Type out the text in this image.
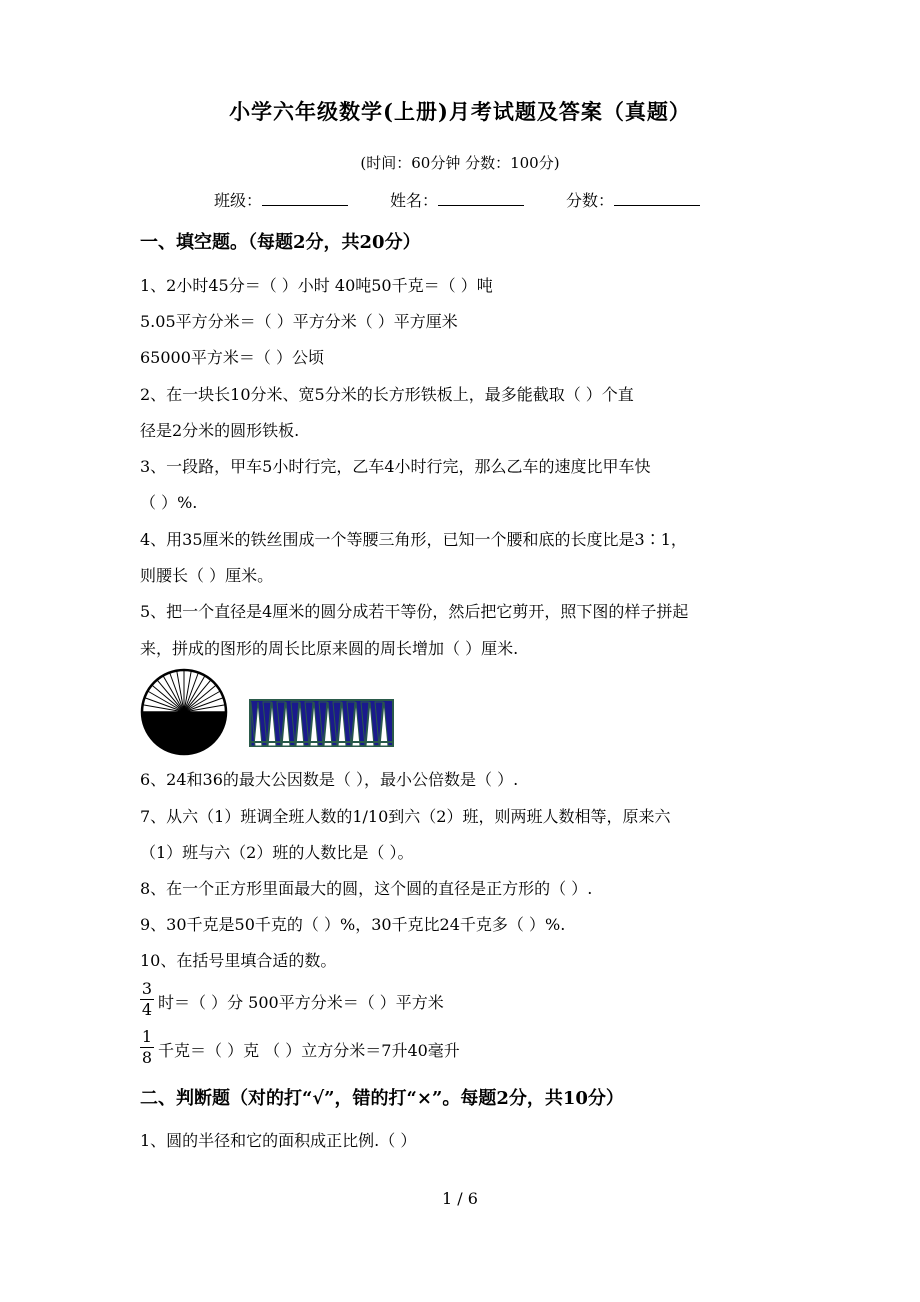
小学六年级数学(上册)月考试题及答案（真题）
(时间：60分钟 分数：100分)
班级：	姓名：	分数：
一、填空题。（每题2分，共20分）
1、2小时45分＝（ ）小时 40吨50千克＝（ ）吨
5.05平方分米＝（ ）平方分米（ ）平方厘米
65000平方米＝（ ）公顷
2、在一块长10分米、宽5分米的长方形铁板上，最多能截取（ ）个直
径是2分米的圆形铁板.
3、一段路，甲车5小时行完，乙车4小时行完，那么乙车的速度比甲车快
（ ）%.
4、用35厘米的铁丝围成一个等腰三角形，已知一个腰和底的长度比是3∶1，
则腰长（ ）厘米。
5、把一个直径是4厘米的圆分成若干等份，然后把它剪开，照下图的样子拼起
来，拼成的图形的周长比原来圆的周长增加（ ）厘米.
6、24和36的最大公因数是（ ），最小公倍数是（ ）.
7、从六（1）班调全班人数的1/10到六（2）班，则两班人数相等，原来六
（1）班与六（2）班的人数比是（ ）。
8、在一个正方形里面最大的圆，这个圆的直径是正方形的（ ）.
9、30千克是50千克的（ ）%，30千克比24千克多（ ）%.
10、在括号里填合适的数。
3
4 时＝（ ）分 500平方分米＝（ ）平方米
1
8 千克＝（ ）克 （ ）立方分米＝7升40毫升
二、判断题（对的打“√”，错的打“×”。每题2分，共10分）
1、圆的半径和它的面积成正比例.（ ）
1 / 6
